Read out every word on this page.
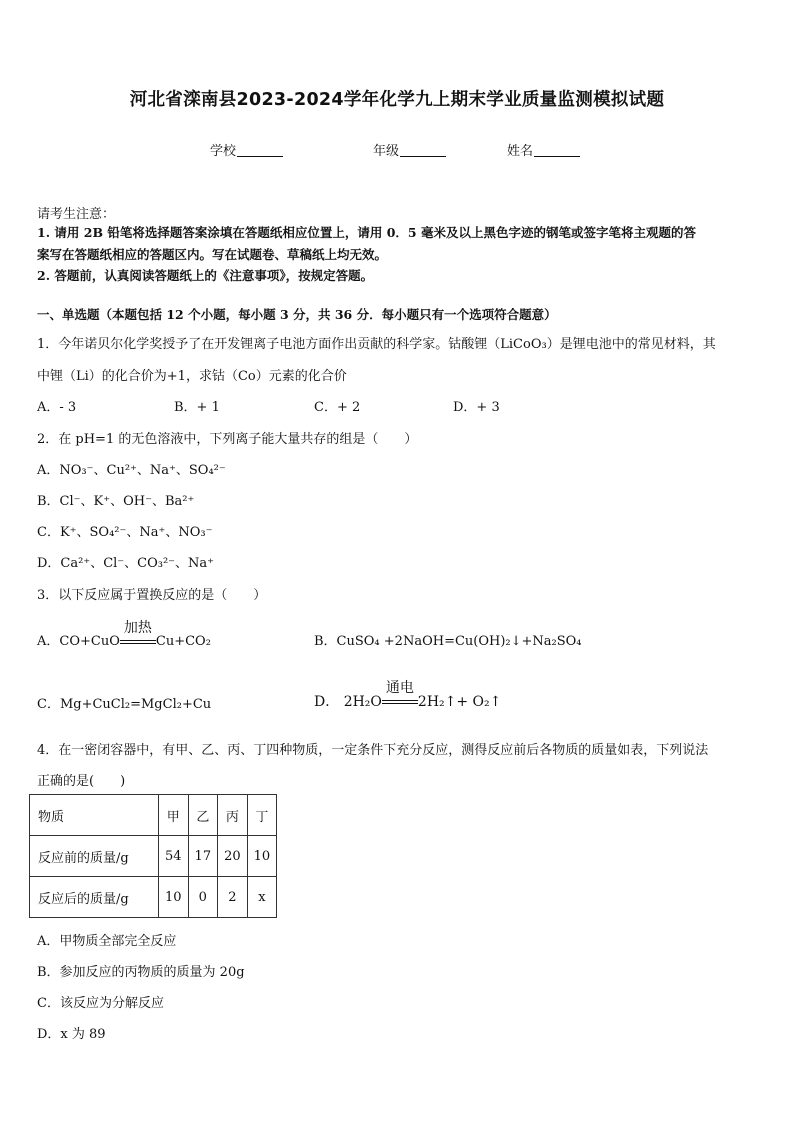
河北省滦南县2023-2024学年化学九上期末学业质量监测模拟试题
学校	年级	姓名
请考生注意：
1. 请用 2B 铅笔将选择题答案涂填在答题纸相应位置上，请用 0．5 毫米及以上黑色字迹的钢笔或签字笔将主观题的答
案写在答题纸相应的答题区内。写在试题卷、草稿纸上均无效。
2. 答题前，认真阅读答题纸上的《注意事项》，按规定答题。
一、单选题（本题包括 12 个小题，每小题 3 分，共 36 分．每小题只有一个选项符合题意）
1．今年诺贝尔化学奖授予了在开发锂离子电池方面作出贡献的科学家。钴酸锂（LiCoO₃）是锂电池中的常见材料，其
中锂（Li）的化合价为+1，求钴（Co）元素的化合价
A．- 3	B．+ 1	C．+ 2	D．+ 3
2．在 pH=1 的无色溶液中，下列离子能大量共存的组是（　　）
A．NO₃⁻、Cu²⁺、Na⁺、SO₄²⁻
B．Cl⁻、K⁺、OH⁻、Ba²⁺
C．K⁺、SO₄²⁻、Na⁺、NO₃⁻
D．Ca²⁺、Cl⁻、CO₃²⁻、Na⁺
3．以下反应属于置换反应的是（　　）
A．CO+CuO
加热
Cu+CO₂	B．CuSO₄ +2NaOH=Cu(OH)₂↓+Na₂SO₄
C．Mg+CuCl₂=MgCl₂+Cu	D． 2H₂O
通电
2H₂↑+ O₂↑
4．在一密闭容器中，有甲、乙、丙、丁四种物质，一定条件下充分反应，测得反应前后各物质的质量如表，下列说法
正确的是(　　)
物质	甲	乙	丙	丁
反应前的质量/g	54	17	20	10
反应后的质量/g	10	0	2	x
A．甲物质全部完全反应
B．参加反应的丙物质的质量为 20g
C．该反应为分解反应
D．x 为 89
